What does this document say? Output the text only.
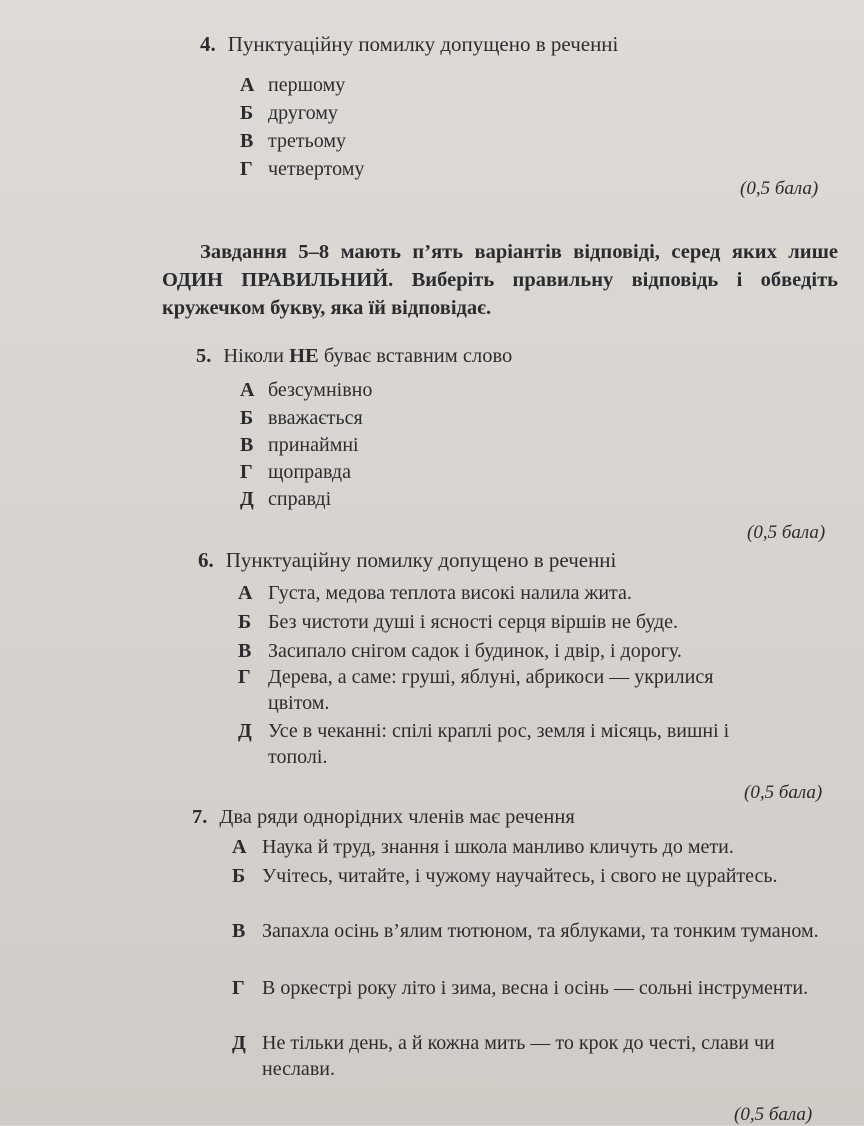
4. Пунктуаційну помилку допущено в реченні
А першому
Б другому
В третьому
Г четвертому
(0,5 бала)
Завдання 5–8 мають п’ять варіантів відповіді, серед яких лише ОДИН ПРАВИЛЬНИЙ. Виберіть правильну відповідь і обведіть кружечком букву, яка їй відповідає.
5. Ніколи НЕ буває вставним слово
А безсумнівно
Б вважається
В принаймні
Г щоправда
Д справді
(0,5 бала)
6. Пунктуаційну помилку допущено в реченні
А Густа, медова теплота високі налила жита.
Б Без чистоти душі і ясності серця віршів не буде.
В Засипало снігом садок і будинок, і двір, і дорогу.
Г Дерева, а саме: груші, яблуні, абрикоси — укрилися цвітом.
Д Усе в чеканні: спілі краплі рос, земля і місяць, вишні і тополі.
(0,5 бала)
7. Два ряди однорідних членів має речення
А Наука й труд, знання і школа манливо кличуть до мети.
Б Учітесь, читайте, і чужому научайтесь, і свого не цурайтесь.
В Запахла осінь в’ялим тютюном, та яблуками, та тонким туманом.
Г В оркестрі року літо і зима, весна і осінь — сольні інструменти.
Д Не тільки день, а й кожна мить — то крок до честі, слави чи неслави.
(0,5 бала)
